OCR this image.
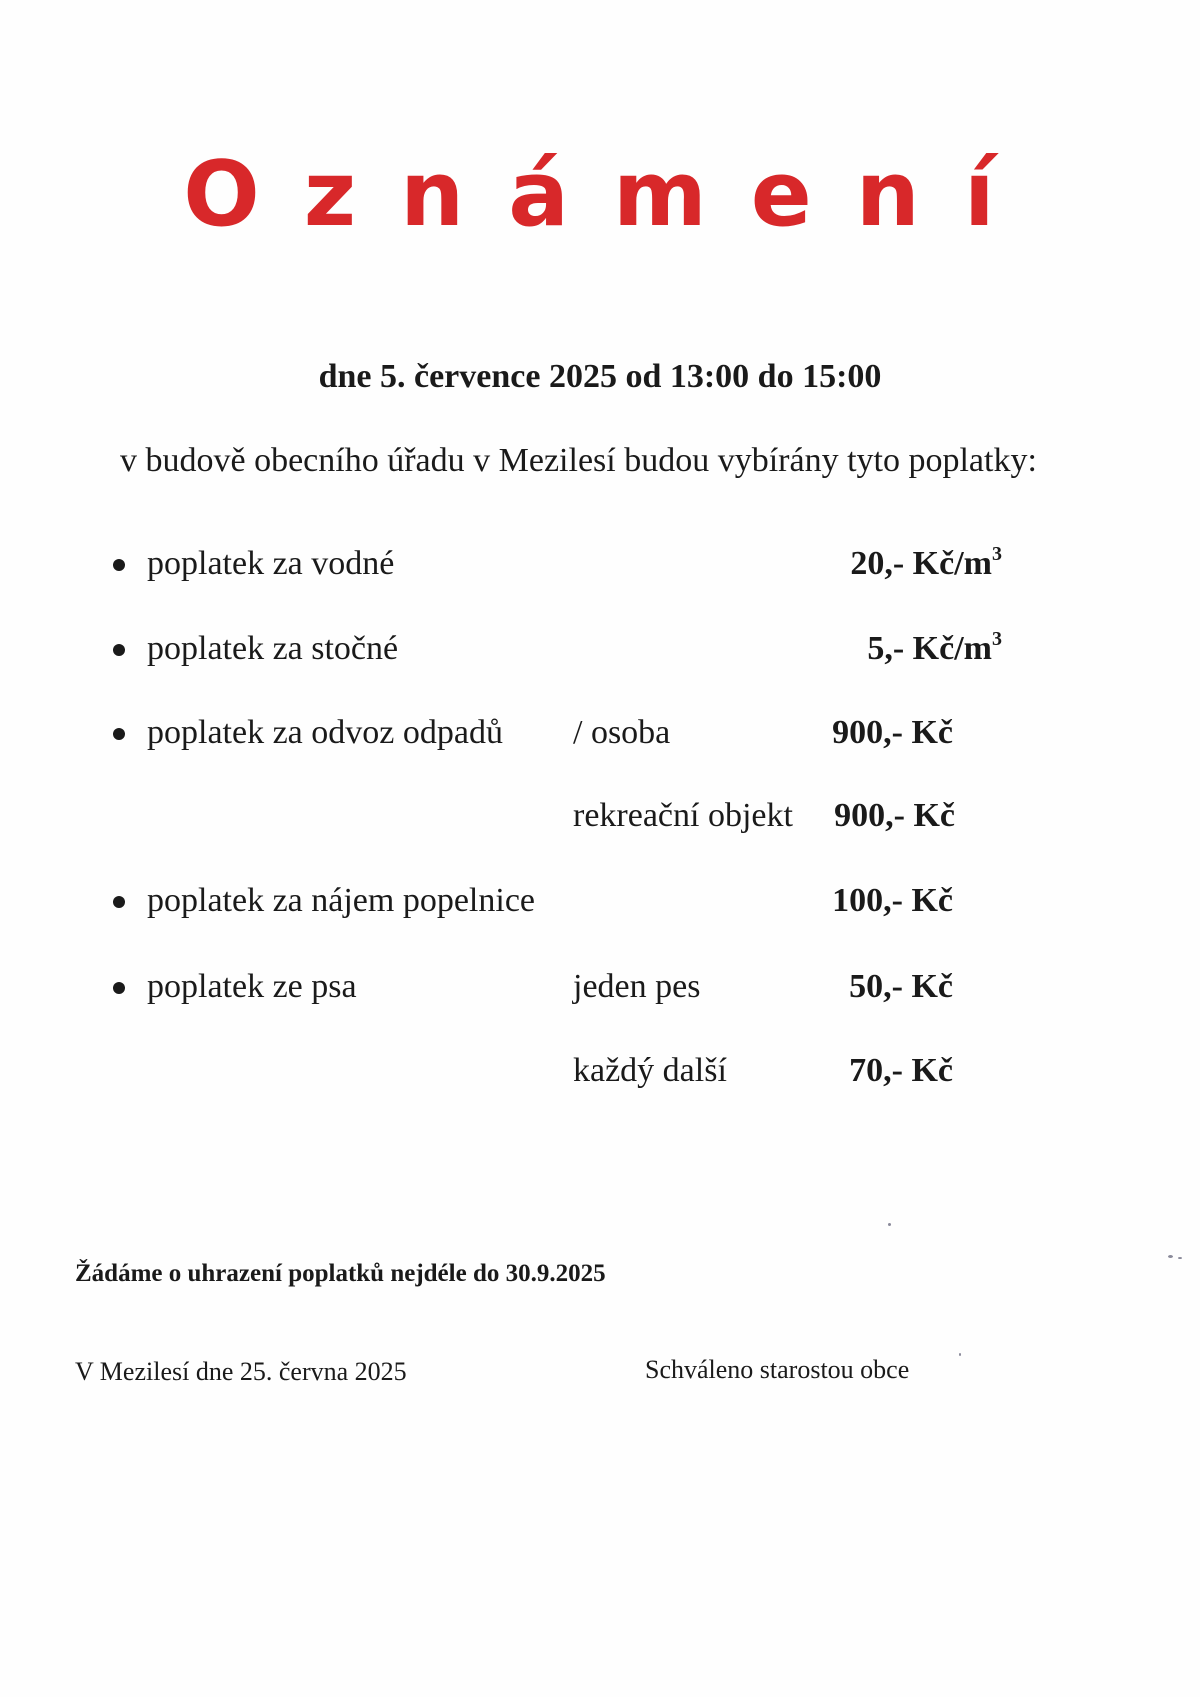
Oznámení
dne 5. července 2025 od 13:00 do 15:00
v budově obecního úřadu v Mezilesí budou vybírány tyto poplatky:
poplatek za vodné	20,- $Kč/m^3$
poplatek za stočné	5,- $Kč/m^3$
poplatek za odvoz odpadů / osoba	900,- Kč
rekreační objekt 900,- Kč
poplatek za nájem popelnice	100,- Kč
poplatek ze psa	jeden pes	50,- Kč
každý další	70,- Kč
Žádáme o uhrazení poplatků nejdéle do 30.9.2025
V Mezilesí dne 25. června 2025	Schváleno starostou obce
